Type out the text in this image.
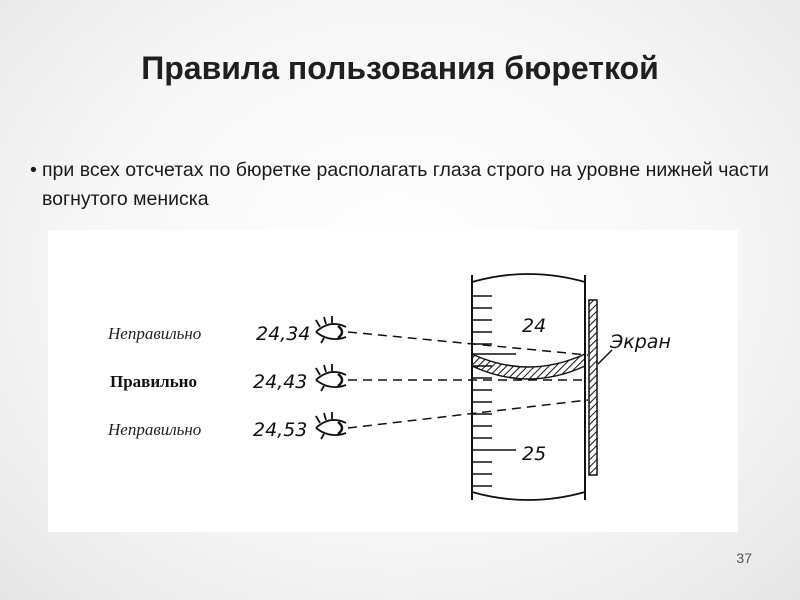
Правила пользования бюреткой
• при всех отсчетах по бюретке располагать глаза строго на уровне нижней части вогнутого мениска
24
25
Экран
Неправильно
Правильно
Неправильно
24,34
24,43
24,53
37
